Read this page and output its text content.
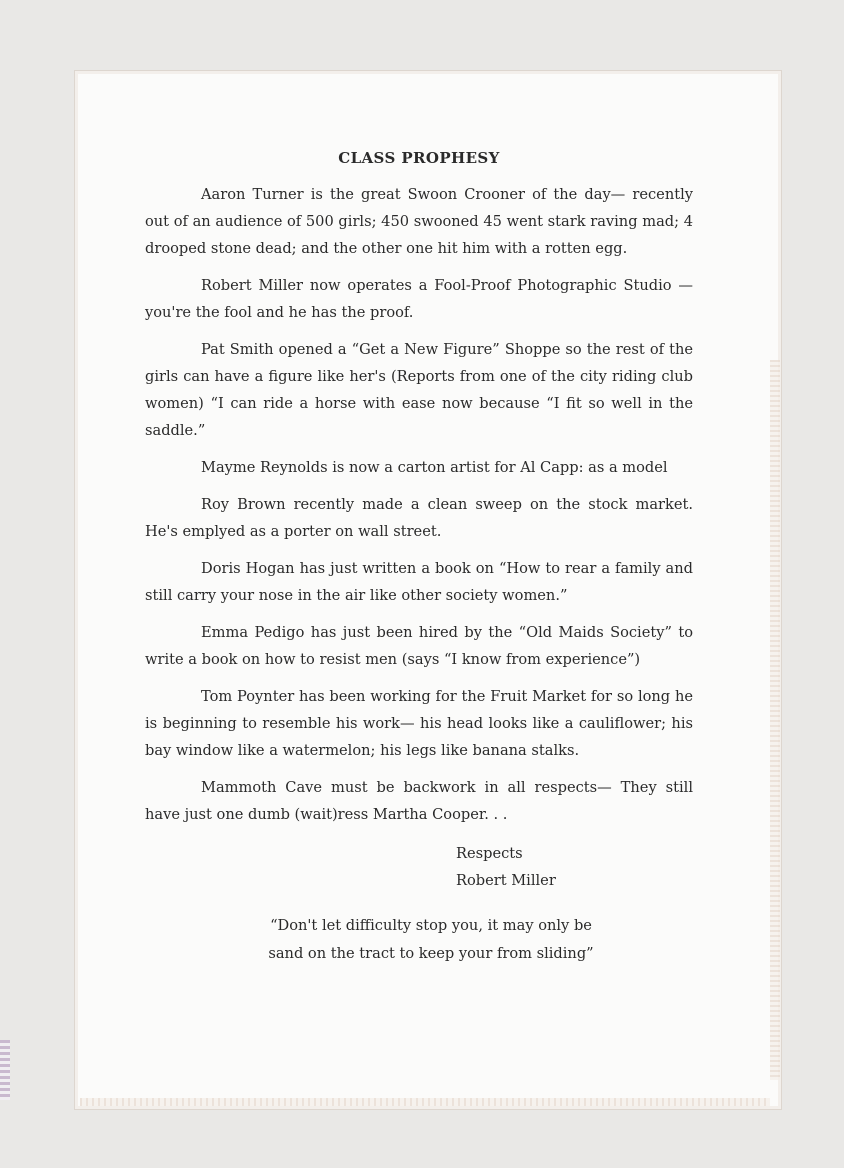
CLASS PROPHESY

Aaron Turner is the great Swoon Crooner of the day— recently out of an audience of 500 girls; 450 swooned 45 went stark raving mad; 4 drooped stone dead; and the other one hit him with a rotten egg.

Robert Miller now operates a Fool-Proof Photographic Studio — you're the fool and he has the proof.

Pat Smith opened a “Get a New Figure” Shoppe so the rest of the girls can have a figure like her's (Reports from one of the city riding club women) “I can ride a horse with ease now because “I fit so well in the saddle.”

Mayme Reynolds is now a carton artist for Al Capp: as a model

Roy Brown recently made a clean sweep on the stock market. He's emplyed as a porter on wall street.

Doris Hogan has just written a book on “How to rear a family and still carry your nose in the air like other society women.”

Emma Pedigo has just been hired by the “Old Maids Society” to write a book on how to resist men (says “I know from experience”)

Tom Poynter has been working for the Fruit Market for so long he is beginning to resemble his work— his head looks like a cauliflower; his bay window like a watermelon; his legs like banana stalks.

Mammoth Cave must be backwork in all respects— They still have just one dumb (wait)ress Martha Cooper. . .

Respects
Robert Miller
“Don't let difficulty stop you, it may only be
sand on the tract to keep your from sliding”
